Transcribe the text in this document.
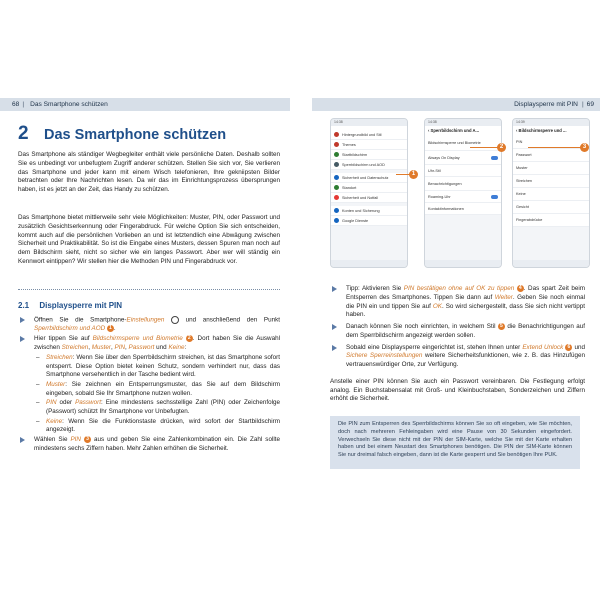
68 | Das Smartphone schützen	Displaysperre mit PIN | 69
2	Das Smartphone schützen

Das Smartphone als ständiger Wegbegleiter enthält viele persönliche Daten. Deshalb sollten Sie es unbedingt vor unbefugtem Zugriff anderer schützen. Stellen Sie sich vor, Sie verlieren das Smartphone und jeder kann mit einem Wisch telefonieren, Ihre gekniipsten Bilder betrachten oder Ihre Nachrichten lesen. Da wir das im Einrichtungsprozess übersprungen haben, ist es jetzt an der Zeit, das Handy zu schützen.

Das Smartphone bietet mittlerweile sehr viele Möglichkeiten: Muster, PIN, oder Passwort und zusätzlich Gesichtserkennung oder Fingerabdruck. Für welche Option Sie sich entscheiden, kommt auch auf die persönlichen Vorlieben an und ist letztendlich eine Abwägung zwischen Sicherheit und Praktikabilität. So ist die Eingabe eines Musters, dessen Spuren man noch auf dem Bildschirm sieht, nicht so sicher wie ein langes Passwort. Aber wer will ständig ein Kennwort eintippen? Wir stellen hier die Methoden PIN und Fingerabdruck vor.

2.1 Displaysperre mit PIN
Öffnen Sie die Smartphone-Einstellungen  und anschließend den Punkt Sperrbildschirm und AOD 1 .
Hier tippen Sie auf Bildschirmsperre und Biometrie 2 . Dort haben Sie die Auswahl zwischen Streichen, Muster, PIN, Passwort und Keine:
– Streichen: Wenn Sie über den Sperrbildschirm streichen, ist das Smartphone sofort entsperrt. Diese Option bietet keinen Schutz, sondern verhindert nur, dass das Smartphone versehentlich in der Tasche bedient wird.
– Muster: Sie zeichnen ein Entsperrungsmuster, das Sie auf dem Bildschirm eingeben, sobald Sie Ihr Smartphone nutzen wollen.
– PIN oder Passwort: Eine mindestens sechsstellige Zahl (PIN) oder Zeichenfolge (Passwort) schützt Ihr Smartphone vor Unbefugten.
– Keine: Wenn Sie die Funktionstaste drücken, wird sofort der Startbildschirm angezeigt.
Wählen Sie PIN 3 aus und geben Sie eine Zahlenkombination ein. Die Zahl sollte mindestens sechs Ziffern haben. Mehr Zahlen erhöhen die Sicherheit.
14:38
Hintergrundbild und Stil
Themes
Startbildschirm
Sperrbildschirm und AOD
Sicherheit und Datenschutz
Standort
Sicherheit und Notfall
Konten und Sicherung
Google Dienste
14:38
‹ Sperrbildschirm und A...
Bildschirmsperre und Biometrie
Always On Display
Uhr-Stil
Benachrichtigungen
Roaming-Uhr
Kontaktinformationen
14:39
‹ Bildschirmsperre und ...
PIN
Passwort
Muster
Streichen
Keine
Gesicht
Fingerabdrücke
1
2	3
Tipp: Aktivieren Sie PIN bestätigen ohne auf OK zu tippen 4 . Das spart Zeit beim Entsperren des Smartphones. Tippen Sie dann auf Weiter. Geben Sie noch einmal die PIN ein und tippen Sie auf OK. So wird sichergestellt, dass Sie sich nicht vertippt haben.
Danach können Sie noch einrichten, in welchem Stil 5 die Benachrichtigungen auf dem Sperrbildschirm angezeigt werden sollen.
Sobald eine Displaysperre eingerichtet ist, stehen Ihnen unter Extend Unlock 6 und Sichere Sperreinstellungen weitere Sicherheitsfunktionen, wie z. B. das Hinzufügen vertrauenswürdiger Orte, zur Verfügung.

Anstelle einer PIN können Sie auch ein Passwort vereinbaren. Die Festlegung erfolgt analog. Ein Buchstabensalat mit Groß- und Kleinbuchstaben, Sonderzeichen und Ziffern erhöht die Sicherheit.

Die PIN zum Entsperren des Sperrbildschirms können Sie so oft eingeben, wie Sie möchten, doch nach mehreren Fehleingaben wird eine Pause von 30 Sekunden eingefordert. Verwechseln Sie diese nicht mit der PIN der SIM-Karte, welche Sie mit der Karte erhalten haben und bei einem Neustart des Smartphones benötigen. Die PIN der SIM-Karte können Sie nur dreimal falsch eingeben, dann ist die Karte gesperrt und Sie benötigen Ihre PUK.
